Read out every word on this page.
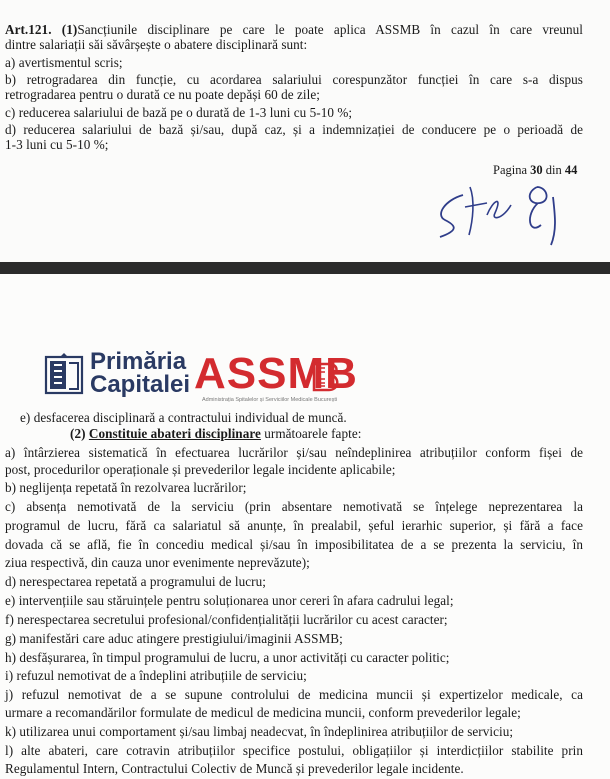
Art.121. (1)Sancțiunile disciplinare pe care le poate aplica ASSMB în cazul în care vreunul
dintre salariații săi săvârșește o abatere disciplinară sunt:
a) avertismentul scris;
b) retrogradarea din funcție, cu acordarea salariului corespunzător funcției în care s-a dispus
retrogradarea pentru o durată ce nu poate depăși 60 de zile;
c) reducerea salariului de bază pe o durată de 1-3 luni cu 5-10 %;
d) reducerea salariului de bază și/sau, după caz, și a indemnizației de conducere pe o perioadă de
1-3 luni cu 5-10 %;
Pagina 30 din 44
Primăria
Capitalei ASSMB
Administrația Spitalelor și Serviciilor Medicale București
e) desfacerea disciplinară a contractului individual de muncă.
(2) Constituie abateri disciplinare următoarele fapte:
a) întârzierea sistematică în efectuarea lucrărilor și/sau neîndeplinirea atribuțiilor conform fișei de
post, procedurilor operaționale și prevederilor legale incidente aplicabile;
b) neglijența repetată în rezolvarea lucrărilor;
c) absența nemotivată de la serviciu (prin absentare nemotivată se înțelege neprezentarea la
programul de lucru, fără ca salariatul să anunțe, în prealabil, șeful ierarhic superior, și fără a face
dovada că se află, fie în concediu medical și/sau în imposibilitatea de a se prezenta la serviciu, în
ziua respectivă, din cauza unor evenimente neprevăzute);
d) nerespectarea repetată a programului de lucru;
e) intervențiile sau stăruințele pentru soluționarea unor cereri în afara cadrului legal;
f) nerespectarea secretului profesional/confidențialității lucrărilor cu acest caracter;
g) manifestări care aduc atingere prestigiului/imaginii ASSMB;
h) desfășurarea, în timpul programului de lucru, a unor activități cu caracter politic;
i) refuzul nemotivat de a îndeplini atribuțiile de serviciu;
j) refuzul nemotivat de a se supune controlului de medicina muncii și expertizelor medicale, ca
urmare a recomandărilor formulate de medicul de medicina muncii, conform prevederilor legale;
k) utilizarea unui comportament și/sau limbaj neadecvat, în îndeplinirea atribuțiilor de serviciu;
l) alte abateri, care cotravin atribuțiilor specifice postului, obligațiilor și interdicțiilor stabilite prin
Regulamentul Intern, Contractului Colectiv de Muncă și prevederilor legale incidente.
